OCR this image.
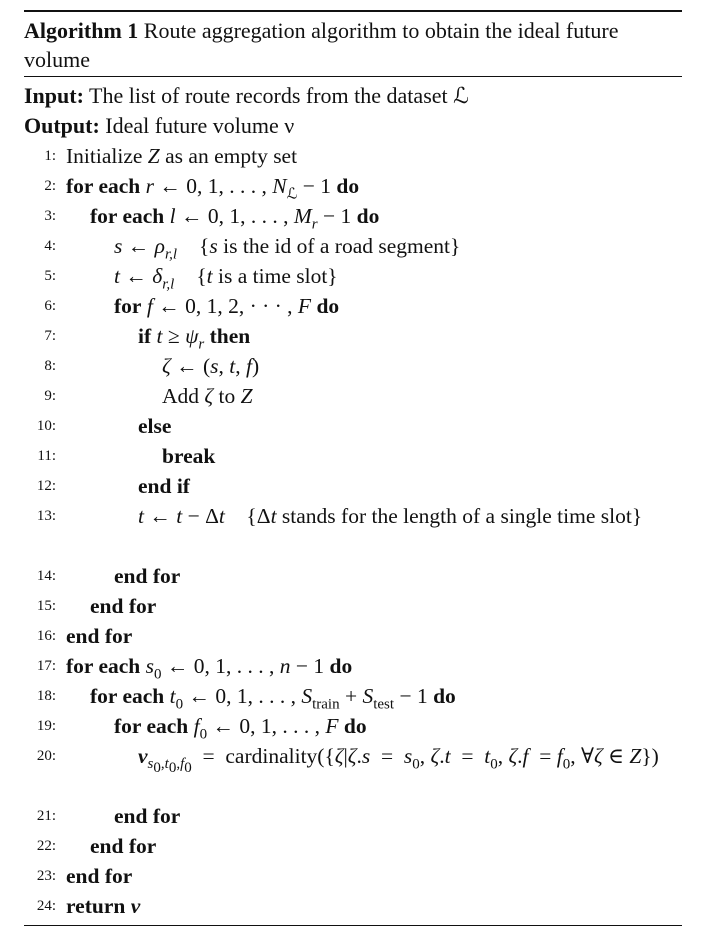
Algorithm 1 Route aggregation algorithm to obtain the ideal future volume
Input: The list of route records from the dataset ℒ
Output: Ideal future volume ν
1: Initialize Z as an empty set
2: for each r ← 0, 1, . . . , $N_ℒ - 1$ do
3:	for each l ← 0, 1, . . . , $M_r - 1$ do
4:	s ← $\rho_{r,l}$ {s is the id of a road segment}
5:	t ← $\delta_{r,l}$ {t is a time slot}
6:	for f ← 0, 1, 2, · · · , F do
7:	if $t \ge \psi_r$ then
8:	ζ ← (s, t, f)
9:	Add ζ to Z
10:	else
11:	break
12:	end if
13:	t ← t − Δt    {Δt stands for the length of a single time slot}
14:	end for
15:	end for
16: end for
17: for each $s_0$ ← 0, 1, . . . , n − 1 do
18:	for each $t_0$ ← 0, 1, . . . , $S_{train} + S_{test} - 1$ do
19:	for each $f_0$ ← 0, 1, . . . , F do
20:	$\nu_{s_0,t_0,f_0}$  =  cardinality({ζ|ζ.s  =  $s_0$, $\zeta.t = t_0$, $\zeta.f = f_0$, ∀ζ ∈ Z})
21:	end for
22:	end for
23: end for
24: return ν
